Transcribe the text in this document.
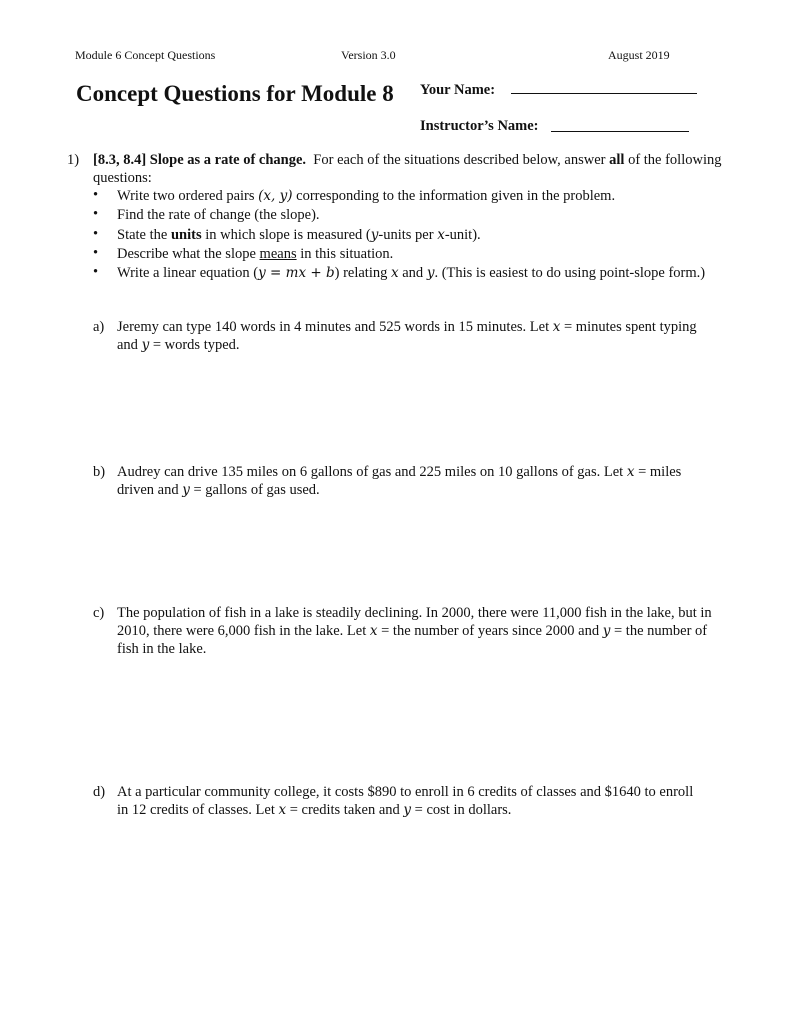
Module 6 Concept Questions	Version 3.0	August 2019
Concept Questions for Module 8 Your Name:
Instructor’s Name:
1) [8.3, 8.4] Slope as a rate of change. For each of the situations described below, answer all of the following questions:
• Write two ordered pairs (x, y) corresponding to the information given in the problem.
• Find the rate of change (the slope).
• State the units in which slope is measured (y-units per x-unit).
• Describe what the slope means in this situation.
• Write a linear equation (y = mx + b) relating x and y. (This is easiest to do using point-slope form.)
a) Jeremy can type 140 words in 4 minutes and 525 words in 15 minutes. Let x = minutes spent typing and y = words typed.
b) Audrey can drive 135 miles on 6 gallons of gas and 225 miles on 10 gallons of gas. Let x = miles driven and y = gallons of gas used.
c) The population of fish in a lake is steadily declining. In 2000, there were 11,000 fish in the lake, but in 2010, there were 6,000 fish in the lake. Let x = the number of years since 2000 and y = the number of fish in the lake.
d) At a particular community college, it costs $890 to enroll in 6 credits of classes and $1640 to enroll in 12 credits of classes. Let x = credits taken and y = cost in dollars.
